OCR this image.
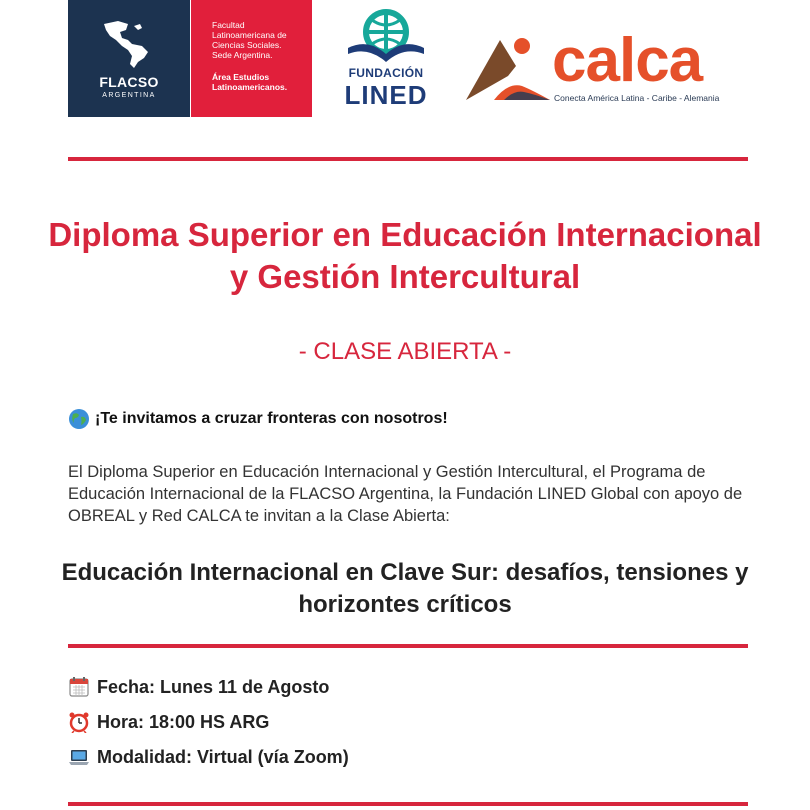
FLACSO
ARGENTINA
Facultad
Latinoamericana de
Ciencias Sociales.
Sede Argentina.
Área Estudios
Latinoamericanos.
FUNDACIÓN
LINED calca
Conecta América Latina - Caribe - Alemania
Diploma Superior en Educación Internacional y Gestión Intercultural
- CLASE ABIERTA -
¡Te invitamos a cruzar fronteras con nosotros!
El Diploma Superior en Educación Internacional y Gestión Intercultural, el Programa de Educación Internacional de la FLACSO Argentina, la Fundación LINED Global con apoyo de OBREAL y Red CALCA te invitan a la Clase Abierta:
Educación Internacional en Clave Sur: desafíos, tensiones y horizontes críticos
Fecha: Lunes 11 de Agosto
Hora: 18:00 HS ARG
Modalidad: Virtual (vía Zoom)
